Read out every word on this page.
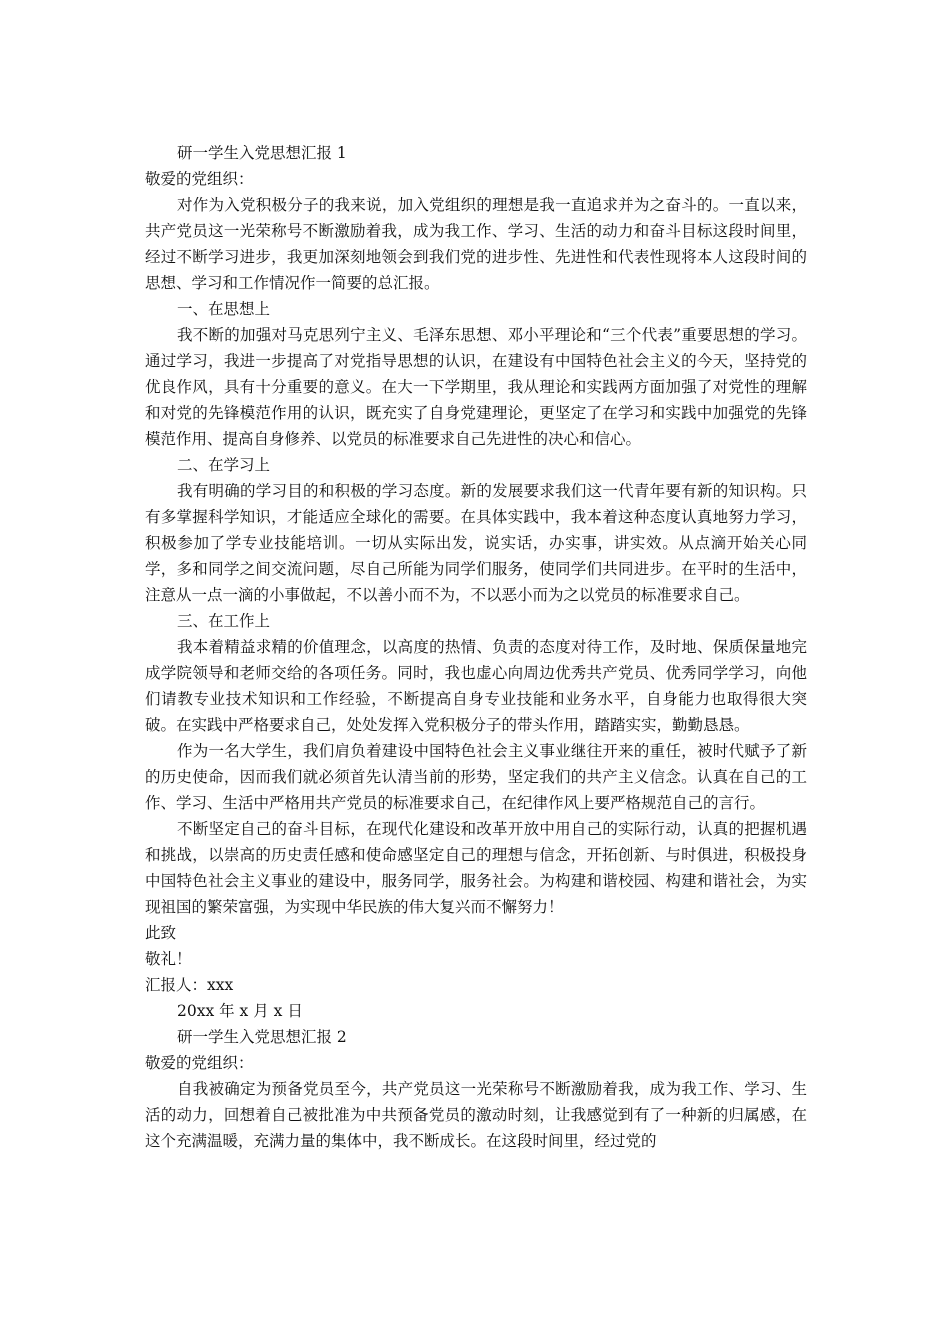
研一学生入党思想汇报 1
敬爱的党组织：

对作为入党积极分子的我来说，加入党组织的理想是我一直追求并为之奋斗的。一直以来，共产党员这一光荣称号不断激励着我，成为我工作、学习、生活的动力和奋斗目标这段时间里，经过不断学习进步，我更加深刻地领会到我们党的进步性、先进性和代表性现将本人这段时间的思想、学习和工作情况作一简要的总汇报。

一、在思想上

我不断的加强对马克思列宁主义、毛泽东思想、邓小平理论和“三个代表”重要思想的学习。通过学习，我进一步提高了对党指导思想的认识，在建设有中国特色社会主义的今天，坚持党的优良作风，具有十分重要的意义。在大一下学期里，我从理论和实践两方面加强了对党性的理解和对党的先锋模范作用的认识，既充实了自身党建理论，更坚定了在学习和实践中加强党的先锋模范作用、提高自身修养、以党员的标准要求自己先进性的决心和信心。

二、在学习上

我有明确的学习目的和积极的学习态度。新的发展要求我们这一代青年要有新的知识构。只有多掌握科学知识，才能适应全球化的需要。在具体实践中，我本着这种态度认真地努力学习，积极参加了学专业技能培训。一切从实际出发，说实话，办实事，讲实效。从点滴开始关心同学，多和同学之间交流问题，尽自己所能为同学们服务，使同学们共同进步。在平时的生活中，注意从一点一滴的小事做起，不以善小而不为，不以恶小而为之以党员的标准要求自己。

三、在工作上

我本着精益求精的价值理念，以高度的热情、负责的态度对待工作，及时地、保质保量地完成学院领导和老师交给的各项任务。同时，我也虚心向周边优秀共产党员、优秀同学学习，向他们请教专业技术知识和工作经验，不断提高自身专业技能和业务水平，自身能力也取得很大突破。在实践中严格要求自己，处处发挥入党积极分子的带头作用，踏踏实实，勤勤恳恳。

作为一名大学生，我们肩负着建设中国特色社会主义事业继往开来的重任，被时代赋予了新的历史使命，因而我们就必须首先认清当前的形势，坚定我们的共产主义信念。认真在自己的工作、学习、生活中严格用共产党员的标准要求自己，在纪律作风上要严格规范自己的言行。

不断坚定自己的奋斗目标，在现代化建设和改革开放中用自己的实际行动，认真的把握机遇和挑战，以崇高的历史责任感和使命感坚定自己的理想与信念，开拓创新、与时俱进，积极投身中国特色社会主义事业的建设中，服务同学，服务社会。为构建和谐校园、构建和谐社会，为实现祖国的繁荣富强，为实现中华民族的伟大复兴而不懈努力！

此致
敬礼！
汇报人：xxx
20xx 年 x 月 x 日
研一学生入党思想汇报 2
敬爱的党组织：

自我被确定为预备党员至今，共产党员这一光荣称号不断激励着我，成为我工作、学习、生活的动力，回想着自己被批准为中共预备党员的激动时刻，让我感觉到有了一种新的归属感，在这个充满温暖，充满力量的集体中，我不断成长。在这段时间里，经过党的
